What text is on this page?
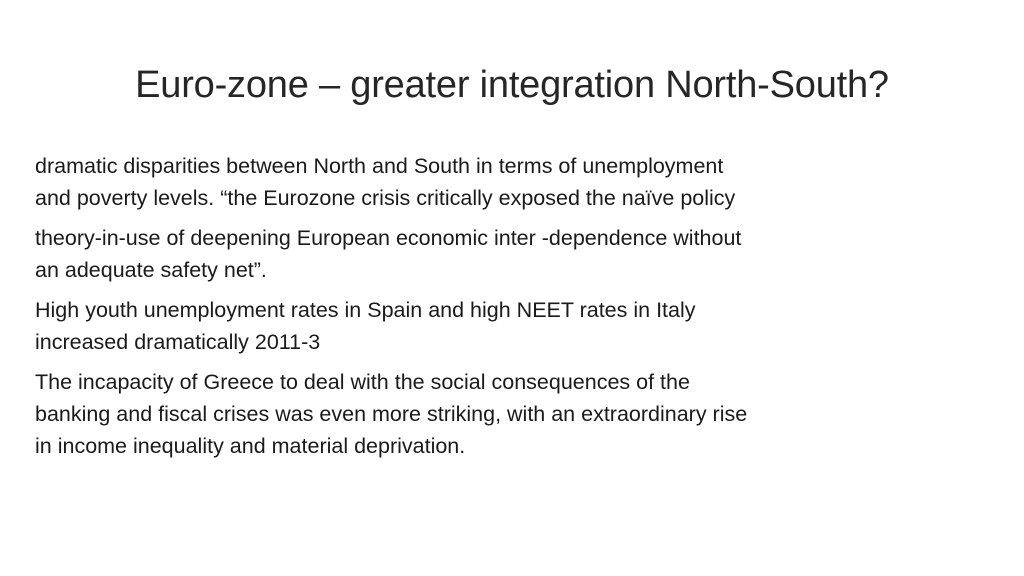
Euro-zone – greater integration North-South?

dramatic disparities between North and South in terms of unemployment
and poverty levels. “the Eurozone crisis critically exposed the naïve policy

theory-in-use of deepening European economic inter -dependence without
an adequate safety net”.

High youth unemployment rates in Spain and high NEET rates in Italy
increased dramatically 2011-3

The incapacity of Greece to deal with the social consequences of the
banking and fiscal crises was even more striking, with an extraordinary rise
in income inequality and material deprivation.
